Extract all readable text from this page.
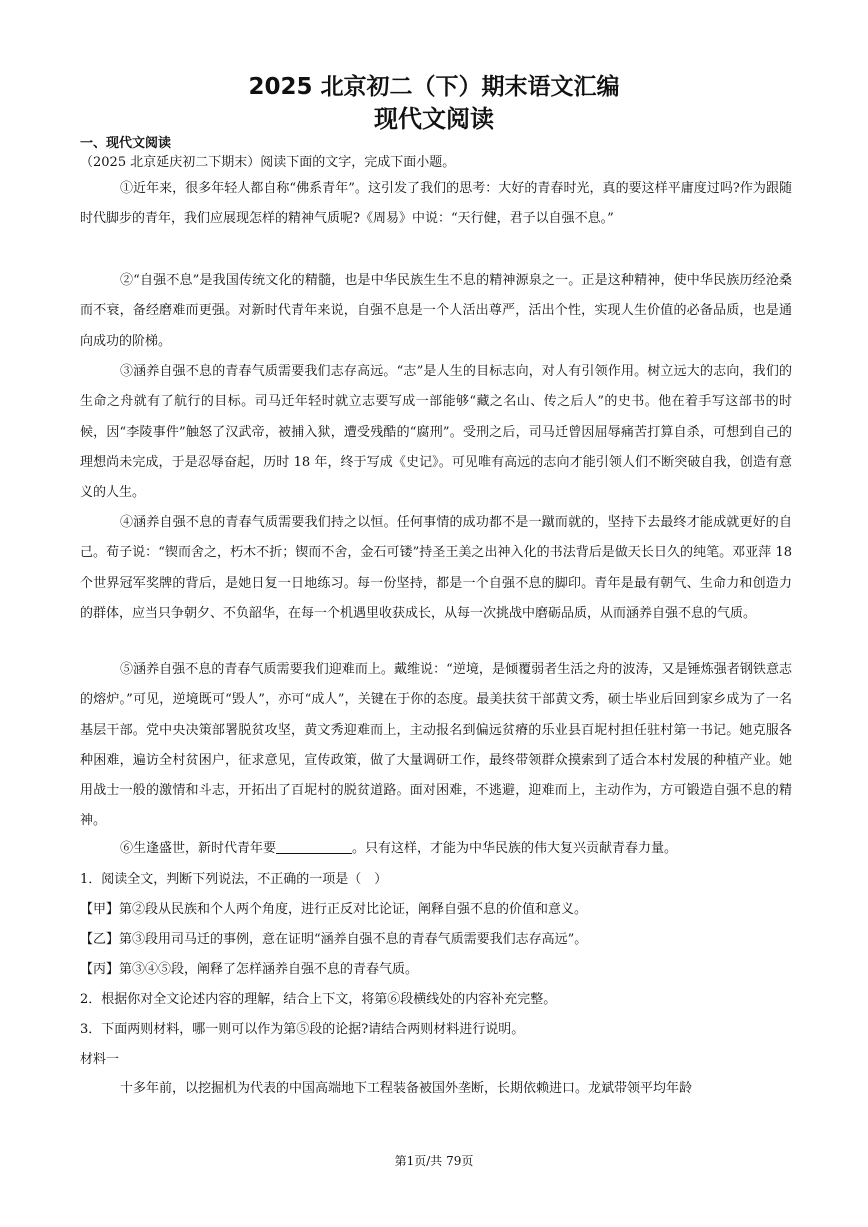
2025 北京初二（下）期末语文汇编
现代文阅读
一、现代文阅读
（2025 北京延庆初二下期末）阅读下面的文字，完成下面小题。
①近年来，很多年轻人都自称“佛系青年”。这引发了我们的思考：大好的青春时光，真的要这样平庸度过吗?作为跟随时代脚步的青年，我们应展现怎样的精神气质呢?《周易》中说：“天行健，君子以自强不息。”
②“自强不息”是我国传统文化的精髓，也是中华民族生生不息的精神源泉之一。正是这种精神，使中华民族历经沧桑而不衰，备经磨难而更强。对新时代青年来说，自强不息是一个人活出尊严，活出个性，实现人生价值的必备品质，也是通向成功的阶梯。
③涵养自强不息的青春气质需要我们志存高远。“志”是人生的目标志向，对人有引领作用。树立远大的志向，我们的生命之舟就有了航行的目标。司马迁年轻时就立志要写成一部能够“藏之名山、传之后人”的史书。他在着手写这部书的时候，因“李陵事件”触怒了汉武帝，被捕入狱，遭受残酷的“腐刑”。受刑之后，司马迁曾因屈辱痛苦打算自杀，可想到自己的理想尚未完成，于是忍辱奋起，历时 18 年，终于写成《史记》。可见唯有高远的志向才能引领人们不断突破自我，创造有意义的人生。
④涵养自强不息的青春气质需要我们持之以恒。任何事情的成功都不是一蹴而就的，坚持下去最终才能成就更好的自己。荀子说：“锲而舍之，朽木不折；锲而不舍，金石可镂”持圣王美之出神入化的书法背后是做天长日久的纯笔。邓亚萍 18 个世界冠军奖牌的背后，是她日复一日地练习。每一份坚持，都是一个自强不息的脚印。青年是最有朝气、生命力和创造力的群体，应当只争朝夕、不负韶华，在每一个机遇里收获成长，从每一次挑战中磨砺品质，从而涵养自强不息的气质。
⑤涵养自强不息的青春气质需要我们迎难而上。戴维说：“逆境，是倾覆弱者生活之舟的波涛，又是锤炼强者钢铁意志的熔炉。”可见，逆境既可“毁人”，亦可“成人”，关键在于你的态度。最美扶贫干部黄文秀，硕士毕业后回到家乡成为了一名基层干部。党中央决策部署脱贫攻坚，黄文秀迎难而上，主动报名到偏远贫瘠的乐业县百坭村担任驻村第一书记。她克服各种困难，遍访全村贫困户，征求意见，宣传政策，做了大量调研工作，最终带领群众摸索到了适合本村发展的种植产业。她用战士一般的激情和斗志，开拓出了百坭村的脱贫道路。面对困难，不逃避，迎难而上，主动作为，方可锻造自强不息的精神。
⑥生逢盛世，新时代青年要	。只有这样，才能为中华民族的伟大复兴贡献青春力量。
1．阅读全文，判断下列说法，不正确的一项是（　）
【甲】第②段从民族和个人两个角度，进行正反对比论证，阐释自强不息的价值和意义。
【乙】第③段用司马迁的事例，意在证明“涵养自强不息的青春气质需要我们志存高远”。
【丙】第③④⑤段，阐释了怎样涵养自强不息的青春气质。
2．根据你对全文论述内容的理解，结合上下文，将第⑥段横线处的内容补充完整。
3．下面两则材料，哪一则可以作为第⑤段的论据?请结合两则材料进行说明。
材料一
十多年前，以挖掘机为代表的中国高端地下工程装备被国外垄断，长期依赖进口。龙斌带领平均年龄
第1页/共 79页
